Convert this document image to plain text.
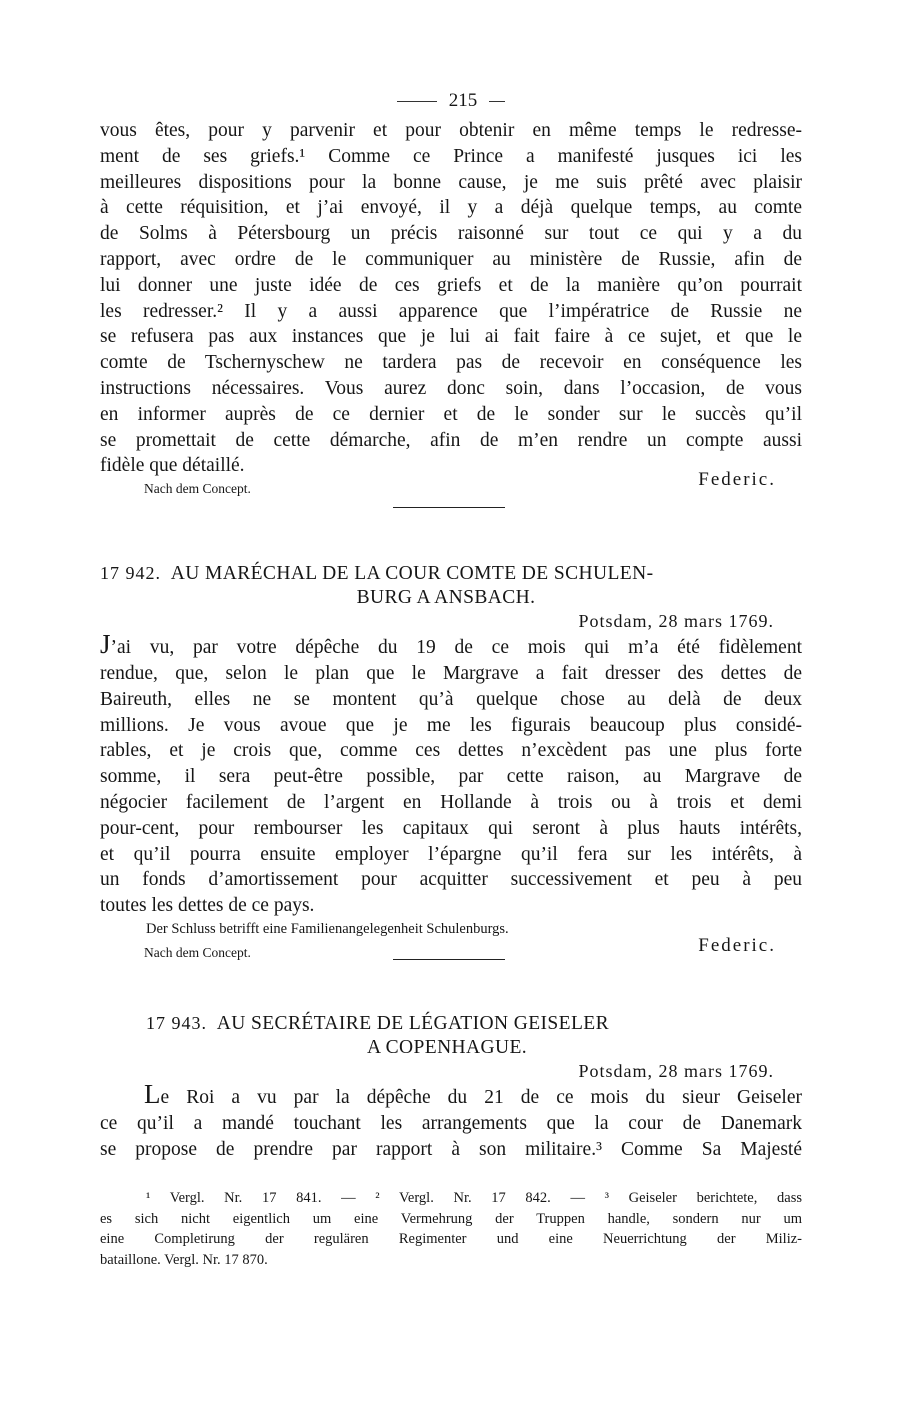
215
vous êtes, pour y parvenir et pour obtenir en même temps le redresse-
ment de ses griefs.¹ Comme ce Prince a manifesté jusques ici les
meilleures dispositions pour la bonne cause, je me suis prêté avec plaisir
à cette réquisition, et j’ai envoyé, il y a déjà quelque temps, au comte
de Solms à Pétersbourg un précis raisonné sur tout ce qui y a du
rapport, avec ordre de le communiquer au ministère de Russie, afin de
lui donner une juste idée de ces griefs et de la manière qu’on pourrait
les redresser.² Il y a aussi apparence que l’impératrice de Russie ne
se refusera pas aux instances que je lui ai fait faire à ce sujet, et que le
comte de Tschernyschew ne tardera pas de recevoir en conséquence les
instructions nécessaires. Vous aurez donc soin, dans l’occasion, de vous
en informer auprès de ce dernier et de le sonder sur le succès qu’il
se promettait de cette démarche, afin de m’en rendre un compte aussi
fidèle que détaillé.
Federic.
Nach dem Concept.
17 942. AU MARÉCHAL DE LA COUR COMTE DE SCHULEN-
BURG A ANSBACH.
Potsdam, 28 mars 1769.
J’ai vu, par votre dépêche du 19 de ce mois qui m’a été fidèlement
rendue, que, selon le plan que le Margrave a fait dresser des dettes de
Baireuth, elles ne se montent qu’à quelque chose au delà de deux
millions. Je vous avoue que je me les figurais beaucoup plus considé-
rables, et je crois que, comme ces dettes n’excèdent pas une plus forte
somme, il sera peut-être possible, par cette raison, au Margrave de
négocier facilement de l’argent en Hollande à trois ou à trois et demi
pour-cent, pour rembourser les capitaux qui seront à plus hauts intérêts,
et qu’il pourra ensuite employer l’épargne qu’il fera sur les intérêts, à
un fonds d’amortissement pour acquitter successivement et peu à peu
toutes les dettes de ce pays.
Der Schluss betrifft eine Familienangelegenheit Schulenburgs.
Federic.
Nach dem Concept.
17 943. AU SECRÉTAIRE DE LÉGATION GEISELER
A COPENHAGUE.
Potsdam, 28 mars 1769.
Le Roi a vu par la dépêche du 21 de ce mois du sieur Geiseler
ce qu’il a mandé touchant les arrangements que la cour de Danemark
se propose de prendre par rapport à son militaire.³ Comme Sa Majesté
¹ Vergl. Nr. 17 841. — ² Vergl. Nr. 17 842. — ³ Geiseler berichtete, dass
es sich nicht eigentlich um eine Vermehrung der Truppen handle, sondern nur um
eine Completirung der regulären Regimenter und eine Neuerrichtung der Miliz-
bataillone. Vergl. Nr. 17 870.
